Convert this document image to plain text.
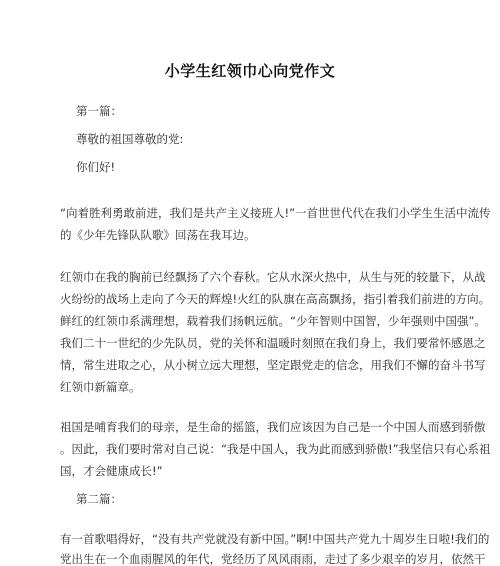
小学生红领巾心向党作文
第一篇：
尊敬的祖国尊敬的党:
你们好!
“向着胜利勇敢前进，我们是共产主义接班人!”一首世世代代在我们小学生生活中流传
的《少年先锋队队歌》回荡在我耳边。
红领巾在我的胸前已经飘扬了六个春秋。它从水深火热中，从生与死的较量下，从战
火纷纷的战场上走向了今天的辉煌!火红的队旗在高高飘扬，指引着我们前进的方向。
鲜红的红领巾系满理想，载着我们扬帆远航。“少年智则中国智，少年强则中国强”。
我们二十一世纪的少先队员，党的关怀和温暖时刻照在我们身上，我们要常怀感恩之
情，常生进取之心，从小树立远大理想，坚定跟党走的信念，用我们不懈的奋斗书写
红领巾新篇章。
祖国是哺育我们的母亲，是生命的摇篮，我们应该因为自己是一个中国人而感到骄傲
。因此，我们要时常对自己说：“我是中国人，我为此而感到骄傲!”我坚信只有心系祖
国，才会健康成长!”
第二篇：
有一首歌唱得好，“没有共产党就没有新中国。”啊!中国共产党九十周岁生日啦!我们的
党出生在一个血雨腥风的年代，党经历了风风雨雨，走过了多少艰辛的岁月，依然干
